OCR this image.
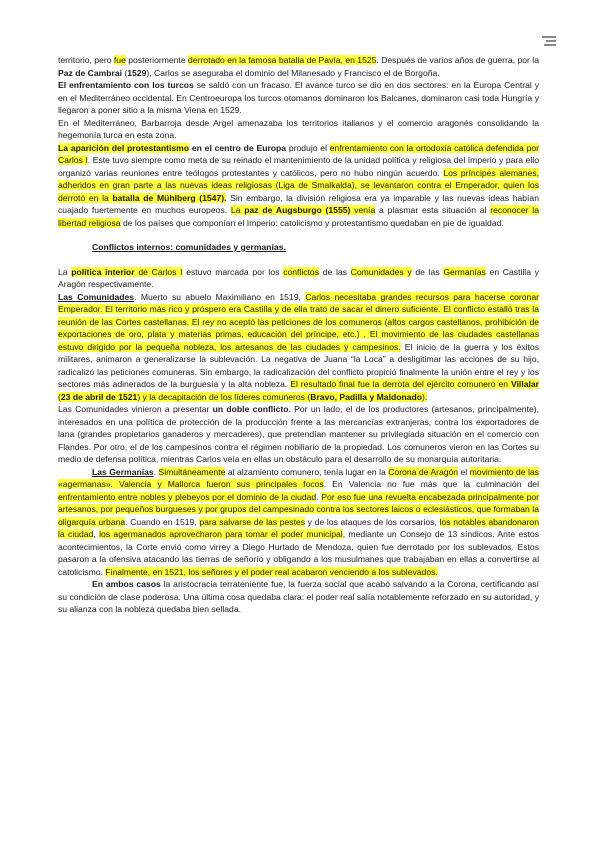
territorio, pero fue posteriormente derrotado en la famosa batalla de Pavía, en 1525. Después de varios años de guerra, por la Paz de Cambrai (1529), Carlos se aseguraba el dominio del Milanesado y Francisco el de Borgoña.

El enfrentamiento con los turcos se saldó con un fracaso. El avance turco se dio en dos sectores: en la Europa Central y en el Mediterráneo occidental. En Centroeuropa los turcos otomanos dominaron los Balcanes, dominaron casi toda Hungría y llegaron a poner sitio a la misma Viena en 1529.

En el Mediterráneo, Barbarroja desde Argel amenazaba los territorios italianos y el comercio aragonés consolidando la hegemonía turca en esta zona.

La aparición del protestantismo en el centro de Europa produjo el enfrentamiento con la ortodoxia católica defendida por Carlos I. Este tuvo siempre como meta de su reinado el mantenimiento de la unidad política y religiosa del Imperio y para ello organizó varias reuniones entre teólogos protestantes y católicos, pero no hubo ningún acuerdo. Los príncipes alemanes, adheridos en gran parte a las nuevas ideas religiosas (Liga de Smalkalda), se levantaron contra el Emperador, quien los derrotó en la batalla de Mühlberg (1547). Sin embargo, la división religiosa era ya imparable y las nuevas ideas habían cuajado fuertemente en muchos europeos. La paz de Augsburgo (1555) venía a plasmar esta situación al reconocer la libertad religiosa de los países que componían el Imperio: catolicismo y protestantismo quedaban en pie de igualdad.

Conflictos internos: comunidades y germanías.

La política interior de Carlos I estuvo marcada por los conflictos de las Comunidades y de las Germanías en Castilla y Aragón respectivamente.

Las Comunidades. Muerto su abuelo Maximiliano en 1519, Carlos necesitaba grandes recursos para hacerse coronar Emperador. El territorio más rico y próspero era Castilla y de ella trató de sacar el dinero suficiente. El conflicto estalló tras la reunión de las Cortes castellanas. El rey no aceptó las peticiones de los comuneros (altos cargos castellanos, prohibición de exportaciones de oro, plata y materias primas, educación del príncipe, etc.) . El movimiento de las ciudades castellanas estuvo dirigido por la pequeña nobleza, los artesanos de las ciudades y campesinos. El inicio de la guerra y los éxitos militares, animaron a generalizarse la sublevación. La negativa de Juana “la Loca” a desligitimar las acciones de su hijo, radicalizó las peticiones comuneras. Sin embargo, la radicalización del conflicto propició finalmente la unión entre el rey y los sectores más adinerados de la burguesía y la alta nobleza. El resultado final fue la derrota del ejército comunero en Villalar (23 de abril de 1521) y la decapitación de los líderes comuneros (Bravo, Padilla y Maldonado).

Las Comunidades vinieron a presentar un doble conflicto. Por un lado, el de los productores (artesanos, principalmente), interesados en una política de protección de la producción frente a las mercancías extranjeras, contra los exportadores de lana (grandes propietarios ganaderos y mercaderes), que pretendían mantener su privilegiada situación en el comercio con Flandes. Por otro, el de los campesinos contra el régimen nobiliario de la propiedad. Los comuneros vieron en las Cortes su medio de defensa política, mientras Carlos veía en ellas un obstáculo para el desarrollo de su monarquía autoritaria.

Las Germanías. Simultáneamente al alzamiento comunero, tenía lugar en la Corona de Aragón el movimiento de las «agermanas». Valencia y Mallorca fueron sus principales focos. En Valencia no fue más que la culminación del enfrentamiento entre nobles y plebeyos por el dominio de la ciudad. Por eso fue una revuelta encabezada principalmente por artesanos, por pequeños burgueses y por grupos del campesinado contra los sectores laicos o eclesiásticos, que formaban la oligarquía urbana. Cuando en 1519, para salvarse de las pestes y de los ataques de los corsarios, los notables abandonaron la ciudad, los agermanados aprovecharon para tomar el poder municipal, mediante un Consejo de 13 síndicos. Ante estos acontecimientos, la Corte envió como virrey a Diego Hurtado de Mendoza, quien fue derrotado por los sublevados. Estos pasaron a la ofensiva atacando las tierras de señorío y obligando a los musulmanes que trabajaban en ellas a convertirse al catolicismo. Finalmente, en 1521, los señores y el poder real acabaron venciendo a los sublevados.

En ambos casos la aristocracia terrateniente fue, la fuerza social que acabó salvando a la Corona, certificando así su condición de clase poderosa. Una última cosa quedaba clara: el poder real salía notablemente reforzado en su autoridad, y su alianza con la nobleza quedaba bien sellada.
